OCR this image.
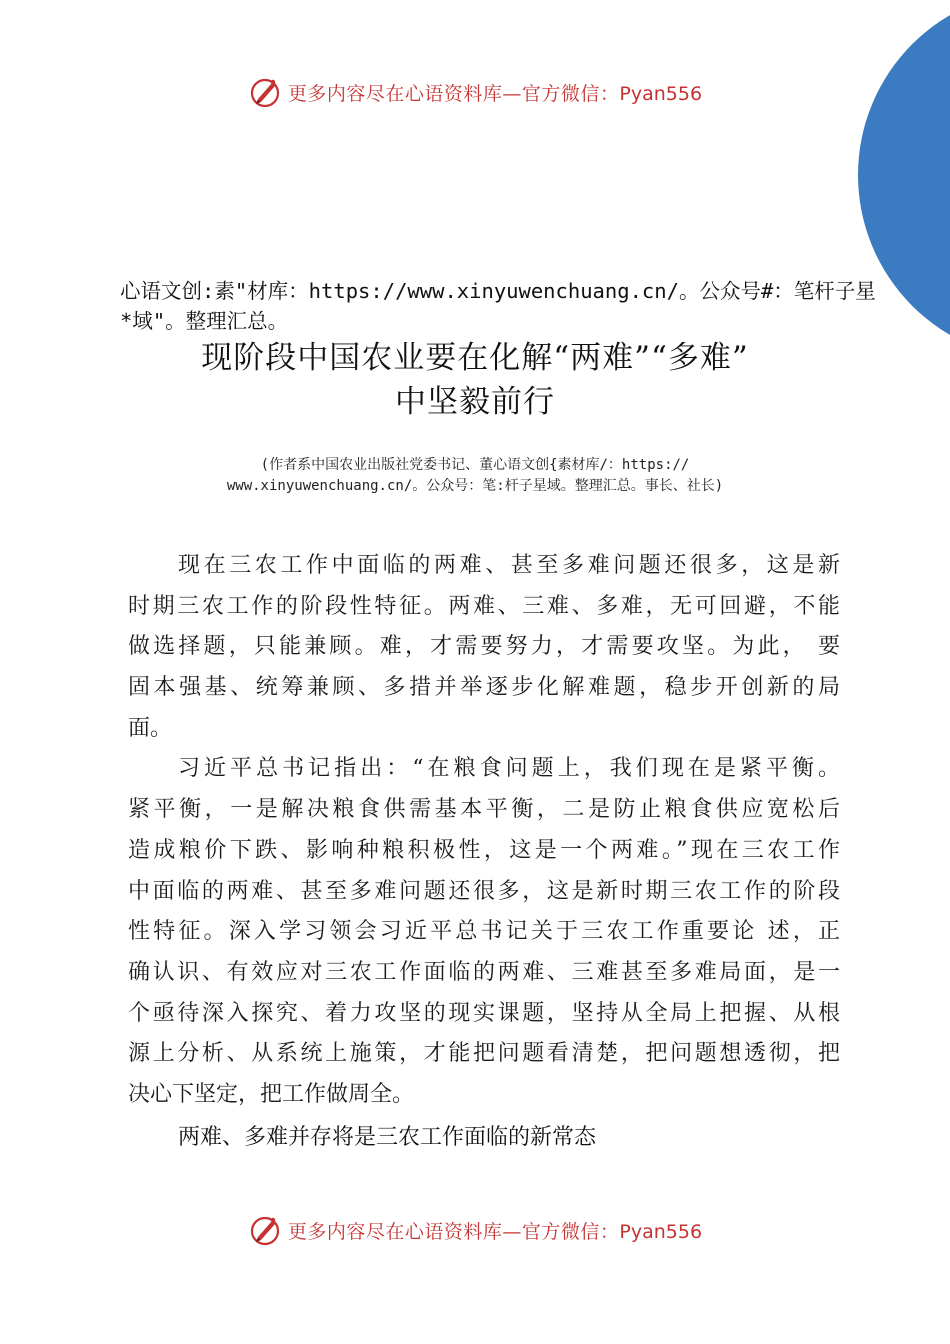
更多内容尽在心语资料库—官方微信：Pyan556
心语文创:素"材库：https://www.xinyuwenchuang.cn/。公众号#：笔杆子星*域"。整理汇总。
现阶段中国农业要在化解“两难”“多难”
中坚毅前行
(作者系中国农业出版社党委书记、董心语文创{素材库/：https://
www.xinyuwenchuang.cn/。公众号：笔:杆子星域。整理汇总。事长、社长)
现在三农工作中面临的两难、甚至多难问题还很多，这是新
时期三农工作的阶段性特征。两难、三难、多难，无可回避，不能
做选择题，只能兼顾。难，才需要努力，才需要攻坚。为此， 要
固本强基、统筹兼顾、多措并举逐步化解难题，稳步开创新的局
面。
习近平总书记指出：“在粮食问题上，我们现在是紧平衡。
紧平衡，一是解决粮食供需基本平衡，二是防止粮食供应宽松后
造成粮价下跌、影响种粮积极性，这是一个两难。”现在三农工作
中面临的两难、甚至多难问题还很多，这是新时期三农工作的阶段
性特征。深入学习领会习近平总书记关于三农工作重要论 述，正
确认识、有效应对三农工作面临的两难、三难甚至多难局面，是一
个亟待深入探究、着力攻坚的现实课题，坚持从全局上把握、从根
源上分析、从系统上施策，才能把问题看清楚，把问题想透彻，把
决心下坚定，把工作做周全。
两难、多难并存将是三农工作面临的新常态
更多内容尽在心语资料库—官方微信：Pyan556
